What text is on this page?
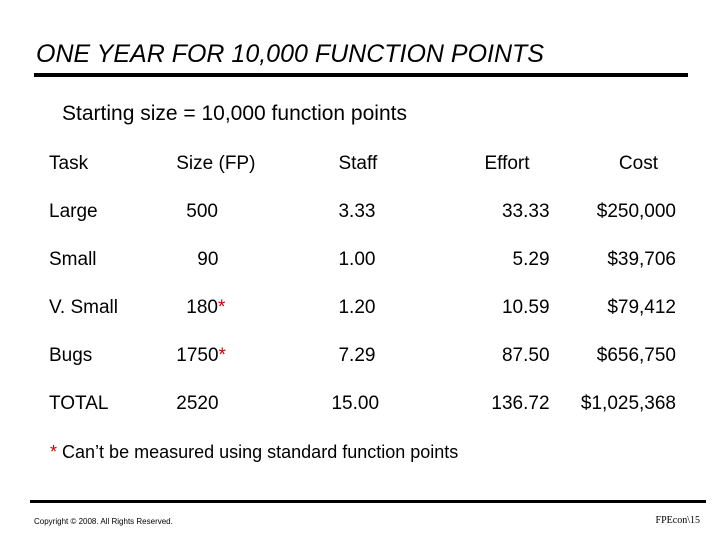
ONE YEAR FOR 10,000 FUNCTION POINTS
Starting size = 10,000 function points
Task	Size (FP)	Staff	Effort	Cost
Large	500	3.33	33.33	$250,000
Small	90	1.00	5.29	$39,706
V. Small	180*	1.20	10.59	$79,412
Bugs	1750*	7.29	87.50	$656,750
TOTAL	2520	15.00	136.72	$1,025,368
* Can’t be measured using standard function points
Copyright © 2008. All Rights Reserved.	FPEcon\15
